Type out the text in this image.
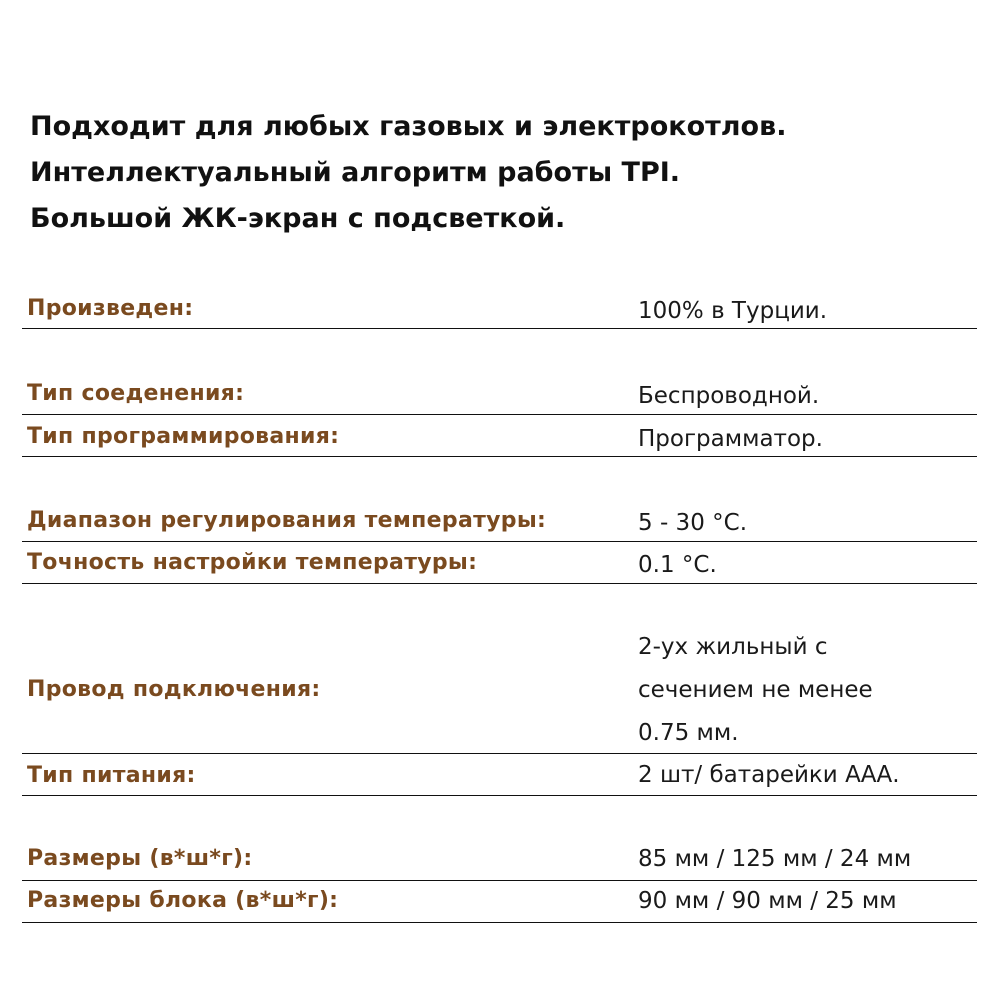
Подходит для любых газовых и электрокотлов.
Интеллектуальный алгоритм работы TPI.
Большой ЖК-экран с подсветкой.
Произведен:	100% в Турции.
Тип соеденения:	Беспроводной.
Тип программирования:	Программатор.
Диапазон регулирования температуры:	5 - 30 °С.
Точность настройки температуры:	0.1 °С.
Провод подключения:
2-ух жильный с
сечением не менее
0.75 мм.
Тип питания:	2 шт/ батарейки ААА.
Размеры (в*ш*г):	85 мм / 125 мм / 24 мм
Размеры блока (в*ш*г):	90 мм / 90 мм / 25 мм
